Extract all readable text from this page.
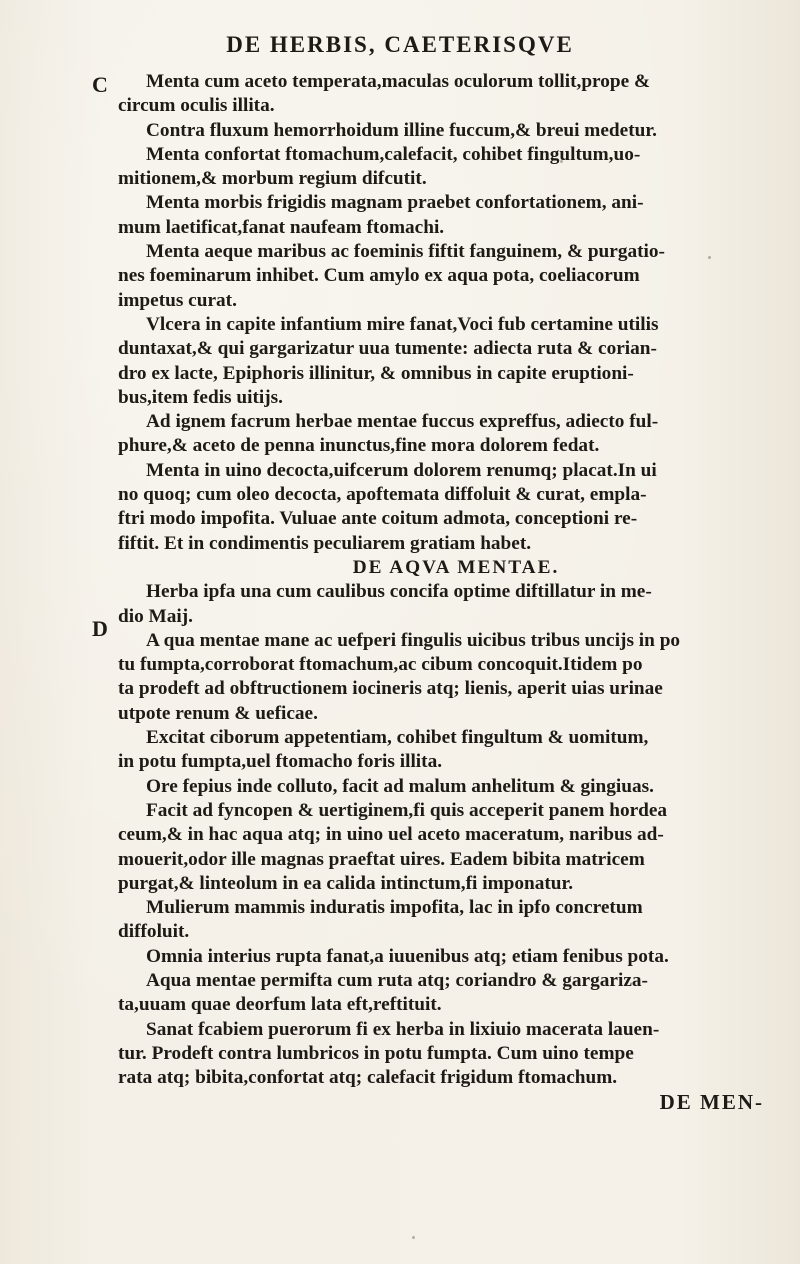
DE HERBIS, CAETERISQVE
C
D
Menta cum aceto temperata,maculas oculorum tollit,prope &
circum oculis illita.
Contra fluxum hemorrhoidum illine fuccum,& breui medetur.
Menta confortat ftomachum,calefacit, cohibet fingultum,uo-
mitionem,& morbum regium difcutit.
Menta morbis frigidis magnam praebet confortationem, ani-
mum laetificat,fanat naufeam ftomachi.
Menta aeque maribus ac foeminis fiftit fanguinem, & purgatio-
nes foeminarum inhibet. Cum amylo ex aqua pota, coeliacorum
impetus curat.
Vlcera in capite infantium mire fanat,Voci fub certamine utilis
duntaxat,& qui gargarizatur uua tumente: adiecta ruta & corian-
dro ex lacte, Epiphoris illinitur, & omnibus in capite eruptioni-
bus,item fedis uitijs.
Ad ignem facrum herbae mentae fuccus expreffus, adiecto ful-
phure,& aceto de penna inunctus,fine mora dolorem fedat.
Menta in uino decocta,uifcerum dolorem renumq; placat.In ui
no quoq; cum oleo decocta, apoftemata diffoluit & curat, empla-
ftri modo impofita. Vuluae ante coitum admota, conceptioni re-
fiftit. Et in condimentis peculiarem gratiam habet.
DE AQVA MENTAE.
Herba ipfa una cum caulibus concifa optime diftillatur in me-
dio Maij.
A qua mentae mane ac uefperi fingulis uicibus tribus uncijs in po
tu fumpta,corroborat ftomachum,ac cibum concoquit.Itidem po
ta prodeft ad obftructionem iocineris atq; lienis, aperit uias urinae
utpote renum & ueficae.
Excitat ciborum appetentiam, cohibet fingultum & uomitum,
in potu fumpta,uel ftomacho foris illita.
Ore fepius inde colluto, facit ad malum anhelitum & gingiuas.
Facit ad fyncopen & uertiginem,fi quis acceperit panem hordea
ceum,& in hac aqua atq; in uino uel aceto maceratum, naribus ad-
mouerit,odor ille magnas praeftat uires. Eadem bibita matricem
purgat,& linteolum in ea calida intinctum,fi imponatur.
Mulierum mammis induratis impofita, lac in ipfo concretum
diffoluit.
Omnia interius rupta fanat,a iuuenibus atq; etiam fenibus pota.
Aqua mentae permifta cum ruta atq; coriandro & gargariza-
ta,uuam quae deorfum lata eft,reftituit.
Sanat fcabiem puerorum fi ex herba in lixiuio macerata lauen-
tur. Prodeft contra lumbricos in potu fumpta. Cum uino tempe
rata atq; bibita,confortat atq; calefacit frigidum ftomachum.
DE MEN-
